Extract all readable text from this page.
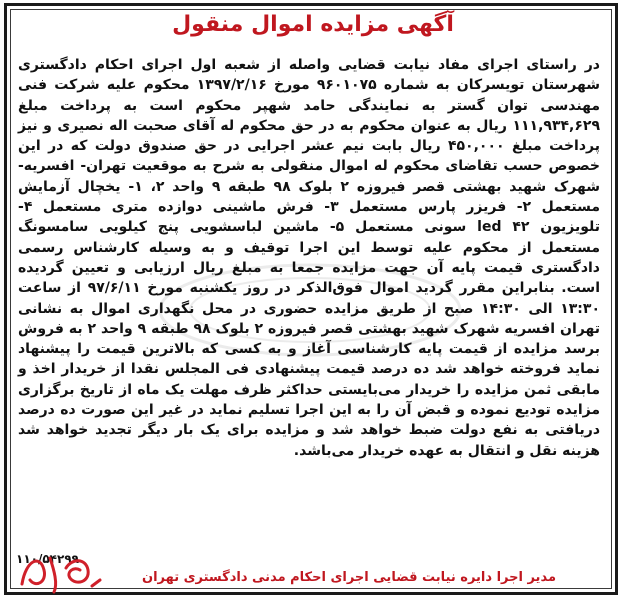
آگهی مزایده اموال منقول
در راستای اجرای مفاد نیابت قضایی واصله از شعبه اول اجرای احکام دادگستری شهرستان تویسرکان به شماره ۹۶۰۱۰۷۵ مورخ ۱۳۹۷/۲/۱۶ محکوم علیه شرکت فنی مهندسی توان گستر به نمایندگی حامد شهپر محکوم است به پرداخت مبلغ ۱۱۱,۹۳۴,۶۲۹ ریال به عنوان محکوم به در حق محکوم له آقای صحبت اله نصیری و نیز پرداخت مبلغ ۴۵۰,۰۰۰ ریال بابت نیم عشر اجرایی در حق صندوق دولت که در این خصوص حسب تقاضای محکوم له اموال منقولی به شرح به موقعیت تهران- افسریه- شهرک شهید بهشتی قصر فیروزه ۲ بلوک ۹۸ طبقه ۹ واحد ۲، ۱- یخچال آزمایش مستعمل ۲- فریزر پارس مستعمل ۳- فرش ماشینی دوازده متری مستعمل ۴- تلویزیون led ۴۲ سونی مستعمل ۵- ماشین لباسشویی پنج کیلویی سامسونگ مستعمل از محکوم علیه توسط این اجرا توقیف و به وسیله کارشناس رسمی دادگستری قیمت پایه آن جهت مزایده جمعا به مبلغ ریال ارزیابی و تعیین گردیده است. بنابراین مقرر گردید اموال فوق‌الذکر در روز یکشنبه مورخ ۹۷/۶/۱۱ از ساعت ۱۳:۳۰ الی ۱۴:۳۰ صبح از طریق مزایده حضوری در محل نگهداری اموال به نشانی تهران افسریه شهرک شهید بهشتی قصر فیروزه ۲ بلوک ۹۸ طبقه ۹ واحد ۲ به فروش برسد مزایده از قیمت پایه کارشناسی آغاز و به کسی که بالاترین قیمت را پیشنهاد نماید فروخته خواهد شد ده درصد قیمت پیشنهادی فی المجلس نقدا از خریدار اخذ و مابقی ثمن مزایده را خریدار می‌بایستی حداکثر ظرف مهلت یک ماه از تاریخ برگزاری مزایده تودیع نموده و قبض آن را به این اجرا تسلیم نماید در غیر این صورت ده درصد دریافتی به نفع دولت ضبط خواهد شد و مزایده برای یک بار دیگر تجدید خواهد شد هزینه نقل و انتقال به عهده خریدار می‌باشد.
۱۱۰/۵۴۲۹۹
مدیر اجرا دایره نیابت قضایی اجرای احکام مدنی دادگستری تهران
